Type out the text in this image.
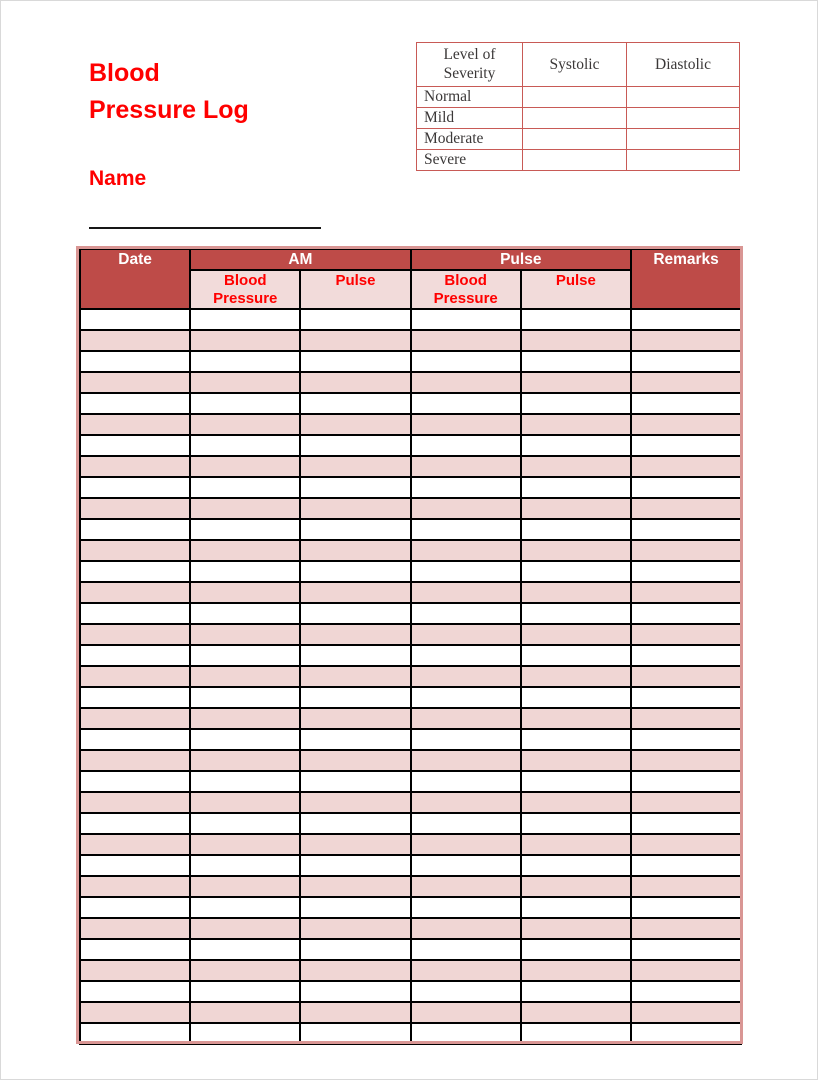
Blood
Pressure Log
Name
Level of Severity	Systolic	Diastolic
Normal		
Mild		
Moderate		
Severe		
Date	AM		Pulse		Remarks
	Blood Pressure	Pulse	Blood Pressure	Pulse	
